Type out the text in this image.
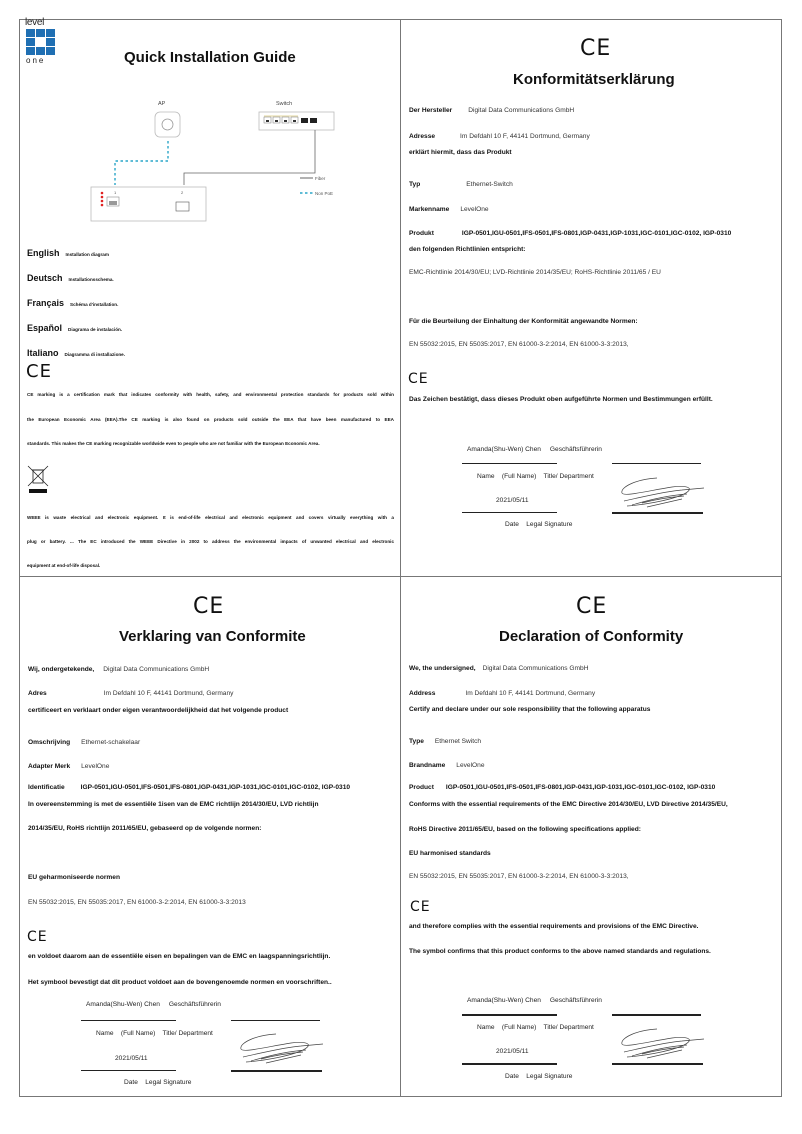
level
one	Quick Installation Guide
AP	Switch
Fiber
Non PoE
1	2
English Installation diagram
Deutsch Installationsschema.
Français Schéma d'installation.
Español Diagrama de instalación.
Italiano Diagramma di installazione.
CE
CE marking is a certification mark that indicates conformity with health, safety, and environmental protection standards for products sold within
the European Economic Area (EEA).The CE marking is also found on products sold outside the EEA that have been manufactured to EEA
standards. This makes the CE marking recognizable worldwide even to people who are not familiar with the European Economic Area.
WEEE is waste electrical and electronic equipment. It is end-of-life electrical and electronic equipment and covers virtually everything with a
plug or battery. ... The EC introduced the WEEE Directive in 2002 to address the environmental impacts of unwanted electrical and electronic
equipment at end-of-life disposal.
CE
Konformitätserklärung
Der Hersteller Digital Data Communications GmbH
Adresse	Im Defdahl 10 F, 44141 Dortmund, Germany
erklärt hiermit, dass das Produkt
Typ	Ethernet-Switch
Markenname LevelOne
Produkt	IGP-0501,IGU-0501,IFS-0501,IFS-0801,IGP-0431,IGP-1031,IGC-0101,IGC-0102, IGP-0310
den folgenden Richtlinien entspricht:
EMC-Richtlinie 2014/30/EU; LVD-Richtlinie 2014/35/EU; RoHS-Richtlinie 2011/65 / EU
Für die Beurteilung der Einhaltung der Konformität angewandte Normen:
EN 55032:2015, EN 55035:2017, EN 61000-3-2:2014, EN 61000-3-3:2013,
CE
Das Zeichen bestätigt, dass dieses Produkt oben aufgeführte Normen und Bestimmungen erfüllt.
Amanda(Shu-Wen) Chen Geschäftsführerin
Name    (Full Name)    Title/ Department
2021/05/11
Date    Legal Signature
CE
Verklaring van Conformite
Wij, ondergetekende, Digital Data Communications GmbH
Adres	Im Defdahl 10 F, 44141 Dortmund, Germany
certificeert en verklaart onder eigen verantwoordelijkheid dat het volgende product
Omschrijving Ethernet-schakelaar
Adapter Merk LevelOne
Identificatie IGP-0501,IGU-0501,IFS-0501,IFS-0801,IGP-0431,IGP-1031,IGC-0101,IGC-0102, IGP-0310
In overeenstemming is met de essentiële 1isen van de EMC richtlijn 2014/30/EU, LVD richtlijn
2014/35/EU, RoHS richtlijn 2011/65/EU, gebaseerd op de volgende normen:
EU geharmoniseerde normen
EN 55032:2015, EN 55035:2017, EN 61000-3-2:2014, EN 61000-3-3:2013
CE
en voldoet daarom aan de essentiële eisen en bepalingen van de EMC en laagspanningsrichtlijn.
Het symbool bevestigt dat dit product voldoet aan de bovengenoemde normen en voorschriften..
Amanda(Shu-Wen) Chen Geschäftsführerin
Name    (Full Name)    Title/ Department
2021/05/11
Date    Legal Signature
CE
Declaration of Conformity
We, the undersigned, Digital Data Communications GmbH
Address	Im Defdahl 10 F, 44141 Dortmund, Germany
Certify and declare under our sole responsibility that the following apparatus
Type Ethernet Switch
Brandname LevelOne
Product IGP-0501,IGU-0501,IFS-0501,IFS-0801,IGP-0431,IGP-1031,IGC-0101,IGC-0102, IGP-0310
Conforms with the essential requirements of the EMC Directive 2014/30/EU, LVD Directive 2014/35/EU,
RoHS Directive 2011/65/EU, based on the following specifications applied:
EU harmonised standards
EN 55032:2015, EN 55035:2017, EN 61000-3-2:2014, EN 61000-3-3:2013,
CE
and therefore complies with the essential requirements and provisions of the EMC Directive.
The symbol confirms that this product conforms to the above named standards and regulations.
Amanda(Shu-Wen) Chen Geschäftsführerin
Name    (Full Name)    Title/ Department
2021/05/11
Date    Legal Signature
